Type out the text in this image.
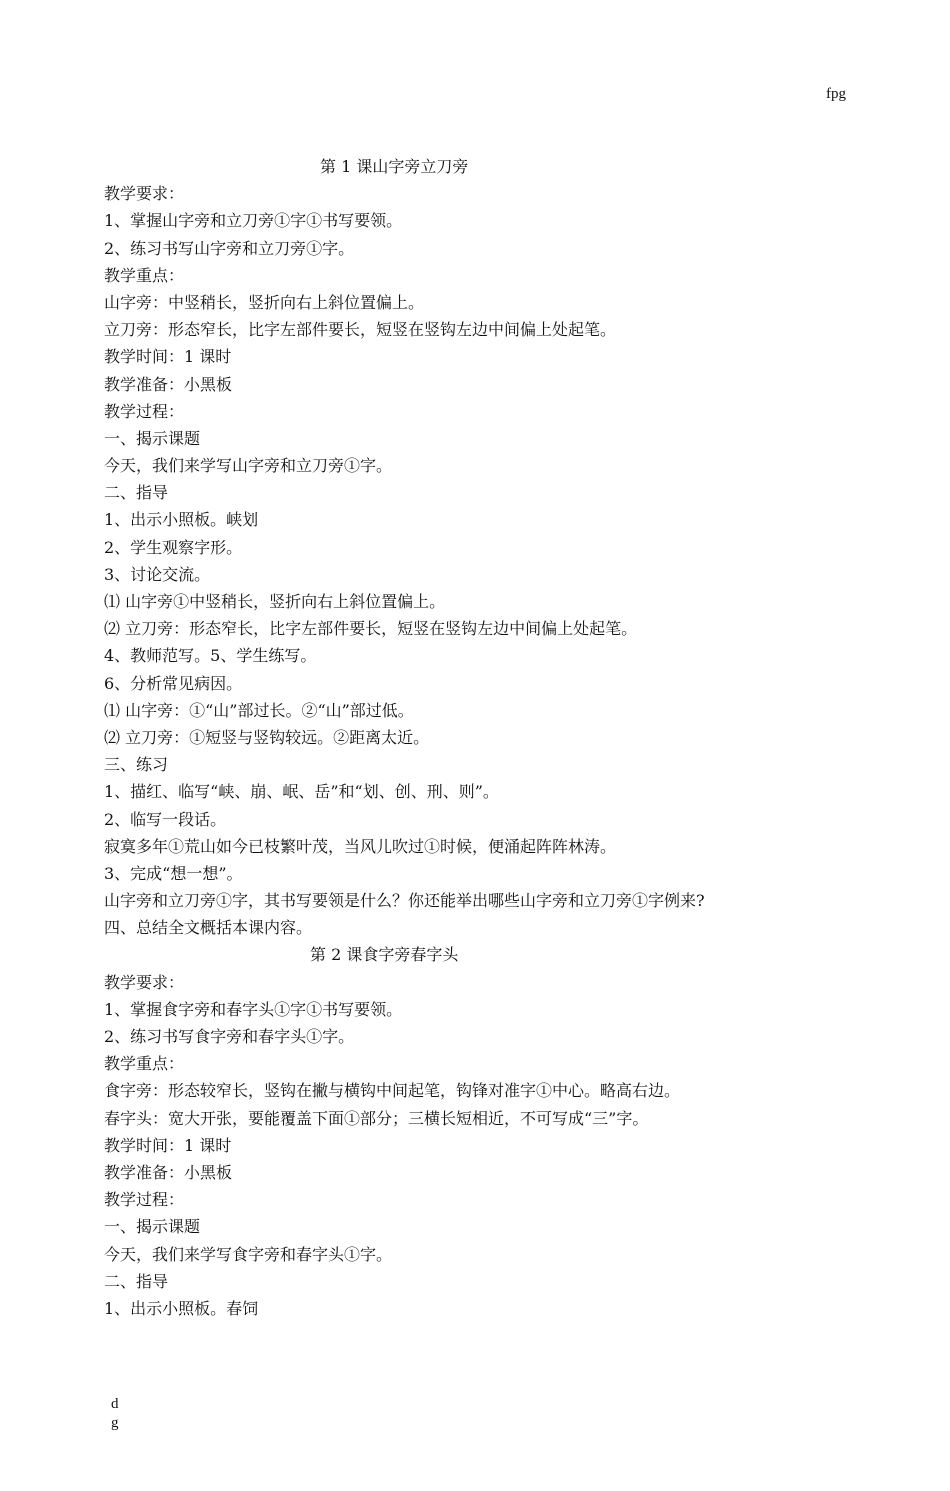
fpg
第 1 课山字旁立刀旁
教学要求：
1、掌握山字旁和立刀旁①字①书写要领。
2、练习书写山字旁和立刀旁①字。
教学重点：
山字旁：中竖稍长，竖折向右上斜位置偏上。
立刀旁：形态窄长，比字左部件要长，短竖在竖钩左边中间偏上处起笔。
教学时间：1 课时
教学准备：小黑板
教学过程：
一、揭示课题
今天，我们来学写山字旁和立刀旁①字。
二、指导
1、出示小照板。峡划
2、学生观察字形。
3、讨论交流。
⑴ 山字旁①中竖稍长，竖折向右上斜位置偏上。
⑵ 立刀旁：形态窄长，比字左部件要长，短竖在竖钩左边中间偏上处起笔。
4、教师范写。5、学生练写。
6、分析常见病因。
⑴ 山字旁：①“山”部过长。②“山”部过低。
⑵ 立刀旁：①短竖与竖钩较远。②距离太近。
三、练习
1、描红、临写“峡、崩、岷、岳”和“划、创、刑、则”。
2、临写一段话。
寂寞多年①荒山如今已枝繁叶茂，当风儿吹过①时候，便涌起阵阵林涛。
3、完成“想一想”。
山字旁和立刀旁①字，其书写要领是什么？你还能举出哪些山字旁和立刀旁①字例来?
四、总结全文概括本课内容。
第 2 课食字旁春字头
教学要求：
1、掌握食字旁和春字头①字①书写要领。
2、练习书写食字旁和春字头①字。
教学重点：
食字旁：形态较窄长，竖钩在撇与横钩中间起笔，钩锋对准字①中心。略高右边。
春字头：宽大开张，要能覆盖下面①部分；三横长短相近，不可写成“三”字。
教学时间：1 课时
教学准备：小黑板
教学过程：
一、揭示课题
今天，我们来学写食字旁和春字头①字。
二、指导
1、出示小照板。春饲
d
g
